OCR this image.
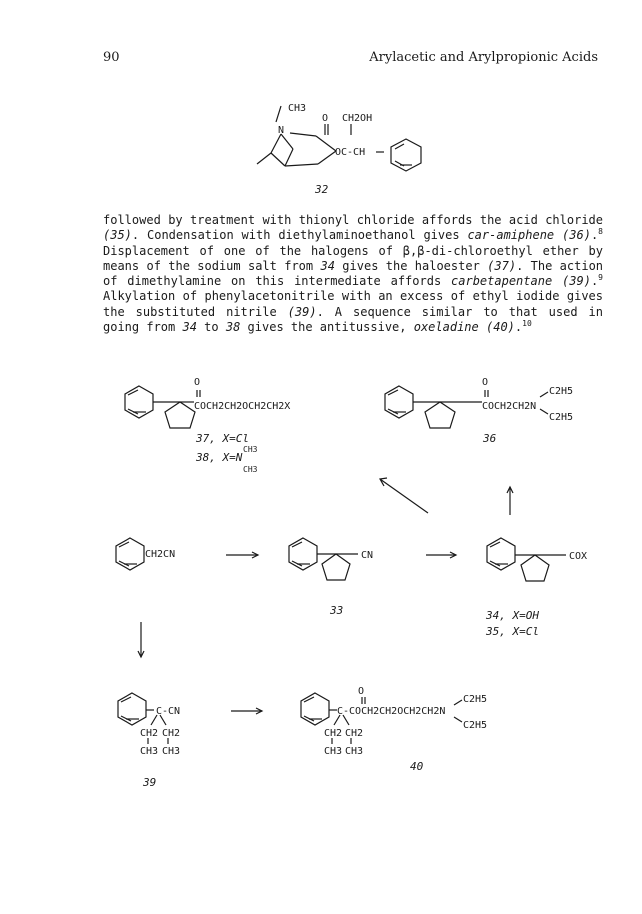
90	Arylacetic and Arylpropionic Acids

followed by treatment with thionyl chloride affords the acid chloride (35). Condensation with diethylaminoethanol gives car-amiphene (36).$^8$ Displacement of one of the halogens of β,β-di-chloroethyl ether by means of the sodium salt from 34 gives the haloester (37). The action of dimethylamine on this intermediate affords carbetapentane (39).$^9$ Alkylation of phenylacetonitrile with an excess of ethyl iodide gives the substituted nitrile (39). A sequence similar to that used in going from 34 to 38 gives the antitussive, oxeladine (40).$^{10}$

CH3
N
O CH2OH
OC-CH
32
O
COCH2CH2OCH2CH2X
37, X=Cl
38, X=N
CH3
CH3
O
COCH2CH2N
C2H5
C2H5
36
CH2CN	CN
33
COX
34, X=OH
35, X=Cl
C-CN
CH2 CH2
CH3 CH3
39
O
C-COCH2CH2OCH2CH2N
C2H5
C2H5
CH2 CH2
CH3 CH3
40
